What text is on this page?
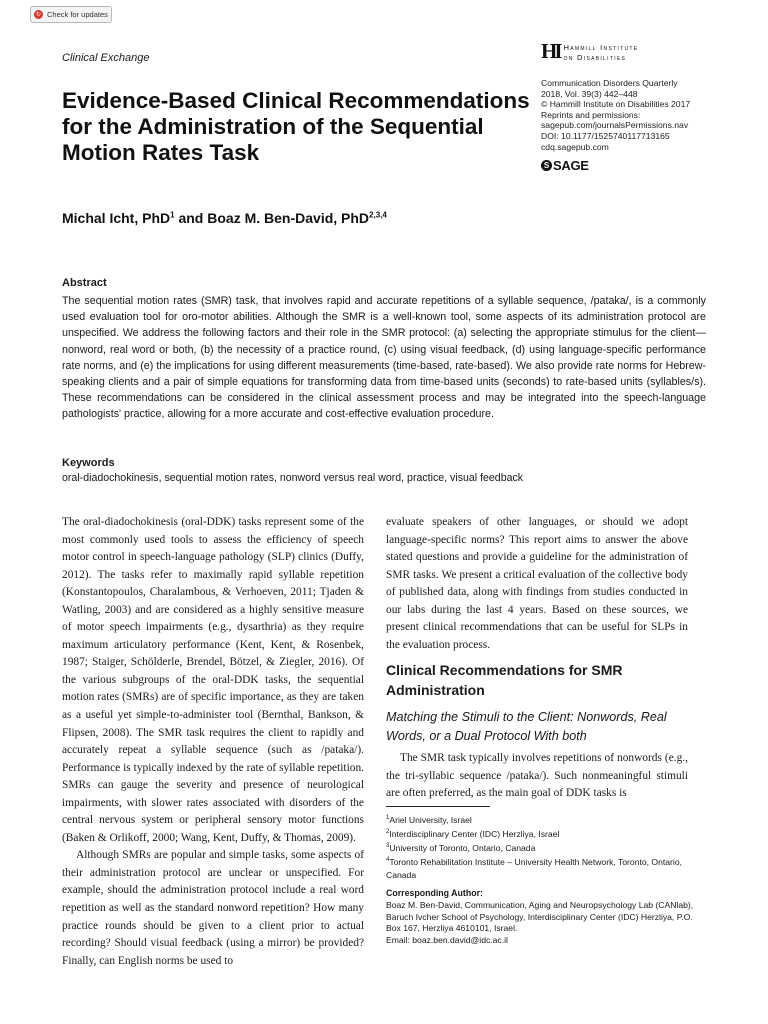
↻ Check for updates
Clinical Exchange	HI Hammill Institute
on Disabilities
Evidence-Based Clinical Recommendations for the Administration of the Sequential Motion Rates Task
Communication Disorders Quarterly
2018, Vol. 39(3) 442–448
© Hammill Institute on Disabilities 2017
Reprints and permissions:
sagepub.com/journalsPermissions.nav
DOI: 10.1177/1525740117713165
cdq.sagepub.com
S SAGE
Michal Icht, PhD$^1$ and Boaz M. Ben-David, PhD$^{2,3,4}$
Abstract
The sequential motion rates (SMR) task, that involves rapid and accurate repetitions of a syllable sequence, /pataka/, is a commonly used evaluation tool for oro-motor abilities. Although the SMR is a well-known tool, some aspects of its administration protocol are unspecified. We address the following factors and their role in the SMR protocol: (a) selecting the appropriate stimulus for the client—nonword, real word or both, (b) the necessity of a practice round, (c) using visual feedback, (d) using language-specific performance rate norms, and (e) the implications for using different measurements (time-based, rate-based). We also provide rate norms for Hebrew-speaking clients and a pair of simple equations for transforming data from time-based units (seconds) to rate-based units (syllables/s). These recommendations can be considered in the clinical assessment process and may be integrated into the speech-language pathologists' practice, allowing for a more accurate and cost-effective evaluation procedure.
Keywords
oral-diadochokinesis, sequential motion rates, nonword versus real word, practice, visual feedback

The oral-diadochokinesis (oral-DDK) tasks represent some of the most commonly used tools to assess the efficiency of speech motor control in speech-language pathology (SLP) clinics (Duffy, 2012). The tasks refer to maximally rapid syllable repetition (Konstantopoulos, Charalambous, & Verhoeven, 2011; Tjaden & Watling, 2003) and are considered as a highly sensitive measure of motor speech impairments (e.g., dysarthria) as they require maximum articulatory performance (Kent, Kent, & Rosenbek, 1987; Staiger, Schölderle, Brendel, Bötzel, & Ziegler, 2016). Of the various subgroups of the oral-DDK tasks, the sequential motion rates (SMRs) are of specific importance, as they are taken as a useful yet simple-to-administer tool (Bernthal, Bankson, & Flipsen, 2008). The SMR task requires the client to rapidly and accurately repeat a syllable sequence (such as /pataka/). Performance is typically indexed by the rate of syllable repetition. SMRs can gauge the severity and presence of neurological impairments, with slower rates associated with disorders of the central nervous system or peripheral sensory motor functions (Baken & Orlikoff, 2000; Wang, Kent, Duffy, & Thomas, 2009).

Although SMRs are popular and simple tasks, some aspects of their administration protocol are unclear or unspecified. For example, should the administration protocol include a real word repetition as well as the standard nonword repetition? How many practice rounds should be given to a client prior to actual recording? Should visual feedback (using a mirror) be provided? Finally, can English norms be used to

evaluate speakers of other languages, or should we adopt language-specific norms? This report aims to answer the above stated questions and provide a guideline for the administration of SMR tasks. We present a critical evaluation of the collective body of published data, along with findings from studies conducted in our labs during the last 4 years. Based on these sources, we present clinical recommendations that can be useful for SLPs in the evaluation process.

Clinical Recommendations for SMR Administration
Matching the Stimuli to the Client: Nonwords, Real Words, or a Dual Protocol With both
The SMR task typically involves repetitions of nonwords (e.g., the tri-syllabic sequence /pataka/). Such nonmeaningful stimuli are often preferred, as the main goal of DDK tasks is
$^1$Ariel University, Israel
$^2$Interdisciplinary Center (IDC) Herzliya, Israel
$^3$University of Toronto, Ontario, Canada
$^4$Toronto Rehabilitation Institute – University Health Network, Toronto, Ontario, Canada
Corresponding Author:
Boaz M. Ben-David, Communication, Aging and Neuropsychology Lab (CANlab), Baruch Ivcher School of Psychology, Interdisciplinary Center (IDC) Herzliya, P.O. Box 167, Herzliya 4610101, Israel.
Email: boaz.ben.david@idc.ac.il
